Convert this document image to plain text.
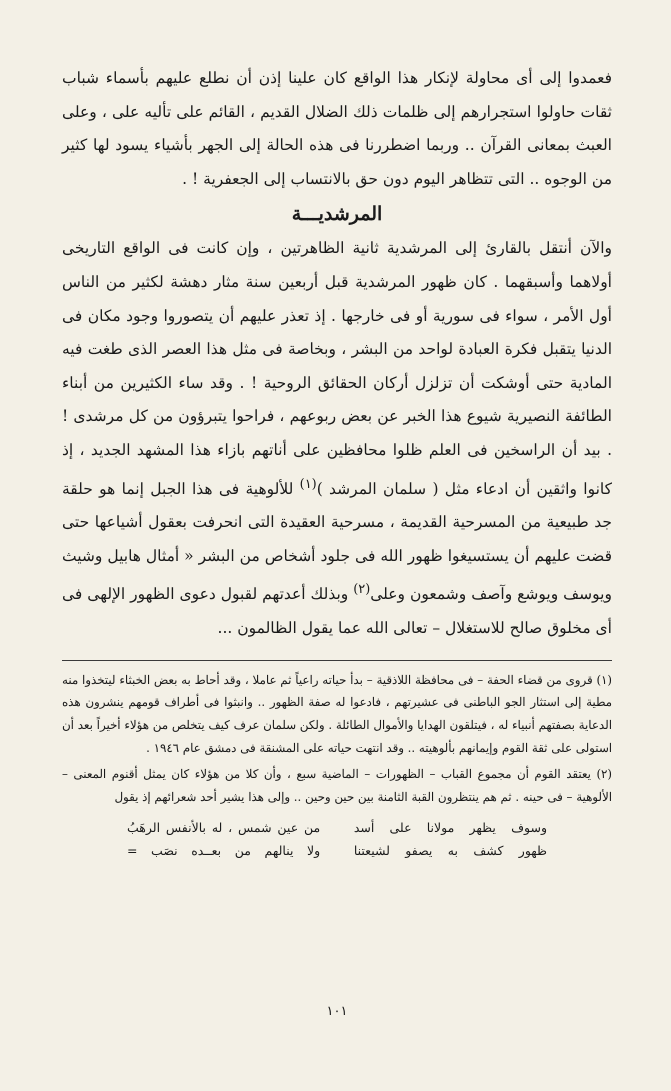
فعمدوا إلى أى محاولة لإنكار هذا الواقع كان علينا إذن أن نطلع عليهم بأسماء شباب ثقات حاولوا استجرارهم إلى ظلمات ذلك الضلال القديم ، القائم على تأليه على ، وعلى العبث بمعانى القرآن .. وربما اضطررنا فى هذه الحالة إلى الجهر بأشياء يسود لها كثير من الوجوه .. التى تتظاهر اليوم دون حق بالانتساب إلى الجعفرية ! .

المرشديـــة

والآن أنتقل بالقارئ إلى المرشدية ثانية الظاهرتين ، وإن كانت فى الواقع التاريخى أولاهما وأسبقهما . كان ظهور المرشدية قبل أربعين سنة مثار دهشة لكثير من الناس أول الأمر ، سواء فى سورية أو فى خارجها . إذ تعذر عليهم أن يتصوروا وجود مكان فى الدنيا يتقبل فكرة العبادة لواحد من البشر ، وبخاصة فى مثل هذا العصر الذى طغت فيه المادية حتى أوشكت أن تزلزل أركان الحقائق الروحية ! . وقد ساء الكثيرين من أبناء الطائفة النصيرية شيوع هذا الخبر عن بعض ربوعهم ، فراحوا يتبرؤون من كل مرشدى ! . بيد أن الراسخين فى العلم ظلوا محافظين على أناتهم بازاء هذا المشهد الجديد ، إذ كانوا واثقين أن ادعاء مثل ( سلمان المرشد )$^{(١)}$ للألوهية فى هذا الجبل إنما هو حلقة جد طبيعية من المسرحية القديمة ، مسرحية العقيدة التى انحرفت بعقول أشياعها حتى قضت عليهم أن يستسيغوا ظهور الله فى جلود أشخاص من البشر « أمثال هابيل وشيث ويوسف ويوشع وآصف وشمعون وعلى$^{(٢)}$ وبذلك أعدتهم لقبول دعوى الظهور الإلهى فى أى مخلوق صالح للاستغلال – تعالى الله عما يقول الظالمون ...

(١) قروى من قضاء الحفة – فى محافظة اللاذقية – بدأ حياته راعياً ثم عاملا ، وقد أحاط به بعض الخبثاء ليتخذوا منه مطية إلى استثار الجو الباطنى فى عشيرتهم ، فادعوا له صفة الظهور .. وانبثوا فى أطراف قومهم ينشرون هذه الدعاية بصفتهم أنبياء له ، فيتلقون الهدايا والأموال الطائلة . ولكن سلمان عرف كيف يتخلص من هؤلاء أخيراً بعد أن استولى على ثقة القوم وإيمانهم بألوهيته .. وقد انتهت حياته على المشنقة فى دمشق عام ١٩٤٦ .

(٢) يعتقد القوم أن مجموع القباب – الظهورات – الماضية سبع ، وأن كلا من هؤلاء كان يمثل أقنوم المعنى – الألوهية – فى حينه . ثم هم ينتظرون القبة الثامنة بين حين وحين .. وإلى هذا يشير أحد شعرائهم إذ يقول

وسوف يظهر مولانا على أسد
من عين شمس ، له بالأنفس الرهَبُ
ظهور كشف به يصفو لشيعتنا
ولا ينالهم من بعــده نصَب =
١٠١
